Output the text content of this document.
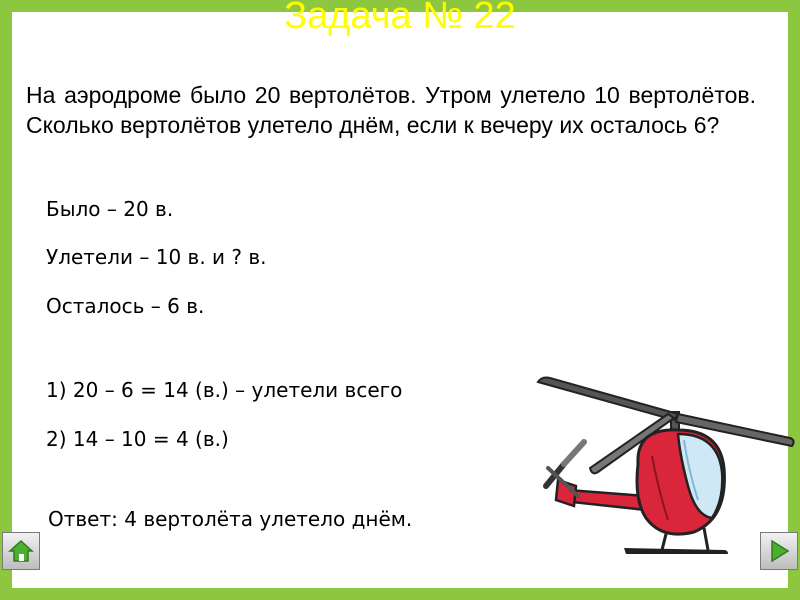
Задача № 22
На аэродроме было 20 вертолётов. Утром улетело 10 вертолётов. Сколько вертолётов улетело днём, если к вечеру их осталось 6?
Было – 20 в.
Улетели – 10 в. и ? в.
Осталось – 6 в.
1) 20 – 6 = 14 (в.) – улетели всего
2) 14 – 10 = 4 (в.)
Ответ: 4 вертолёта улетело днём.
